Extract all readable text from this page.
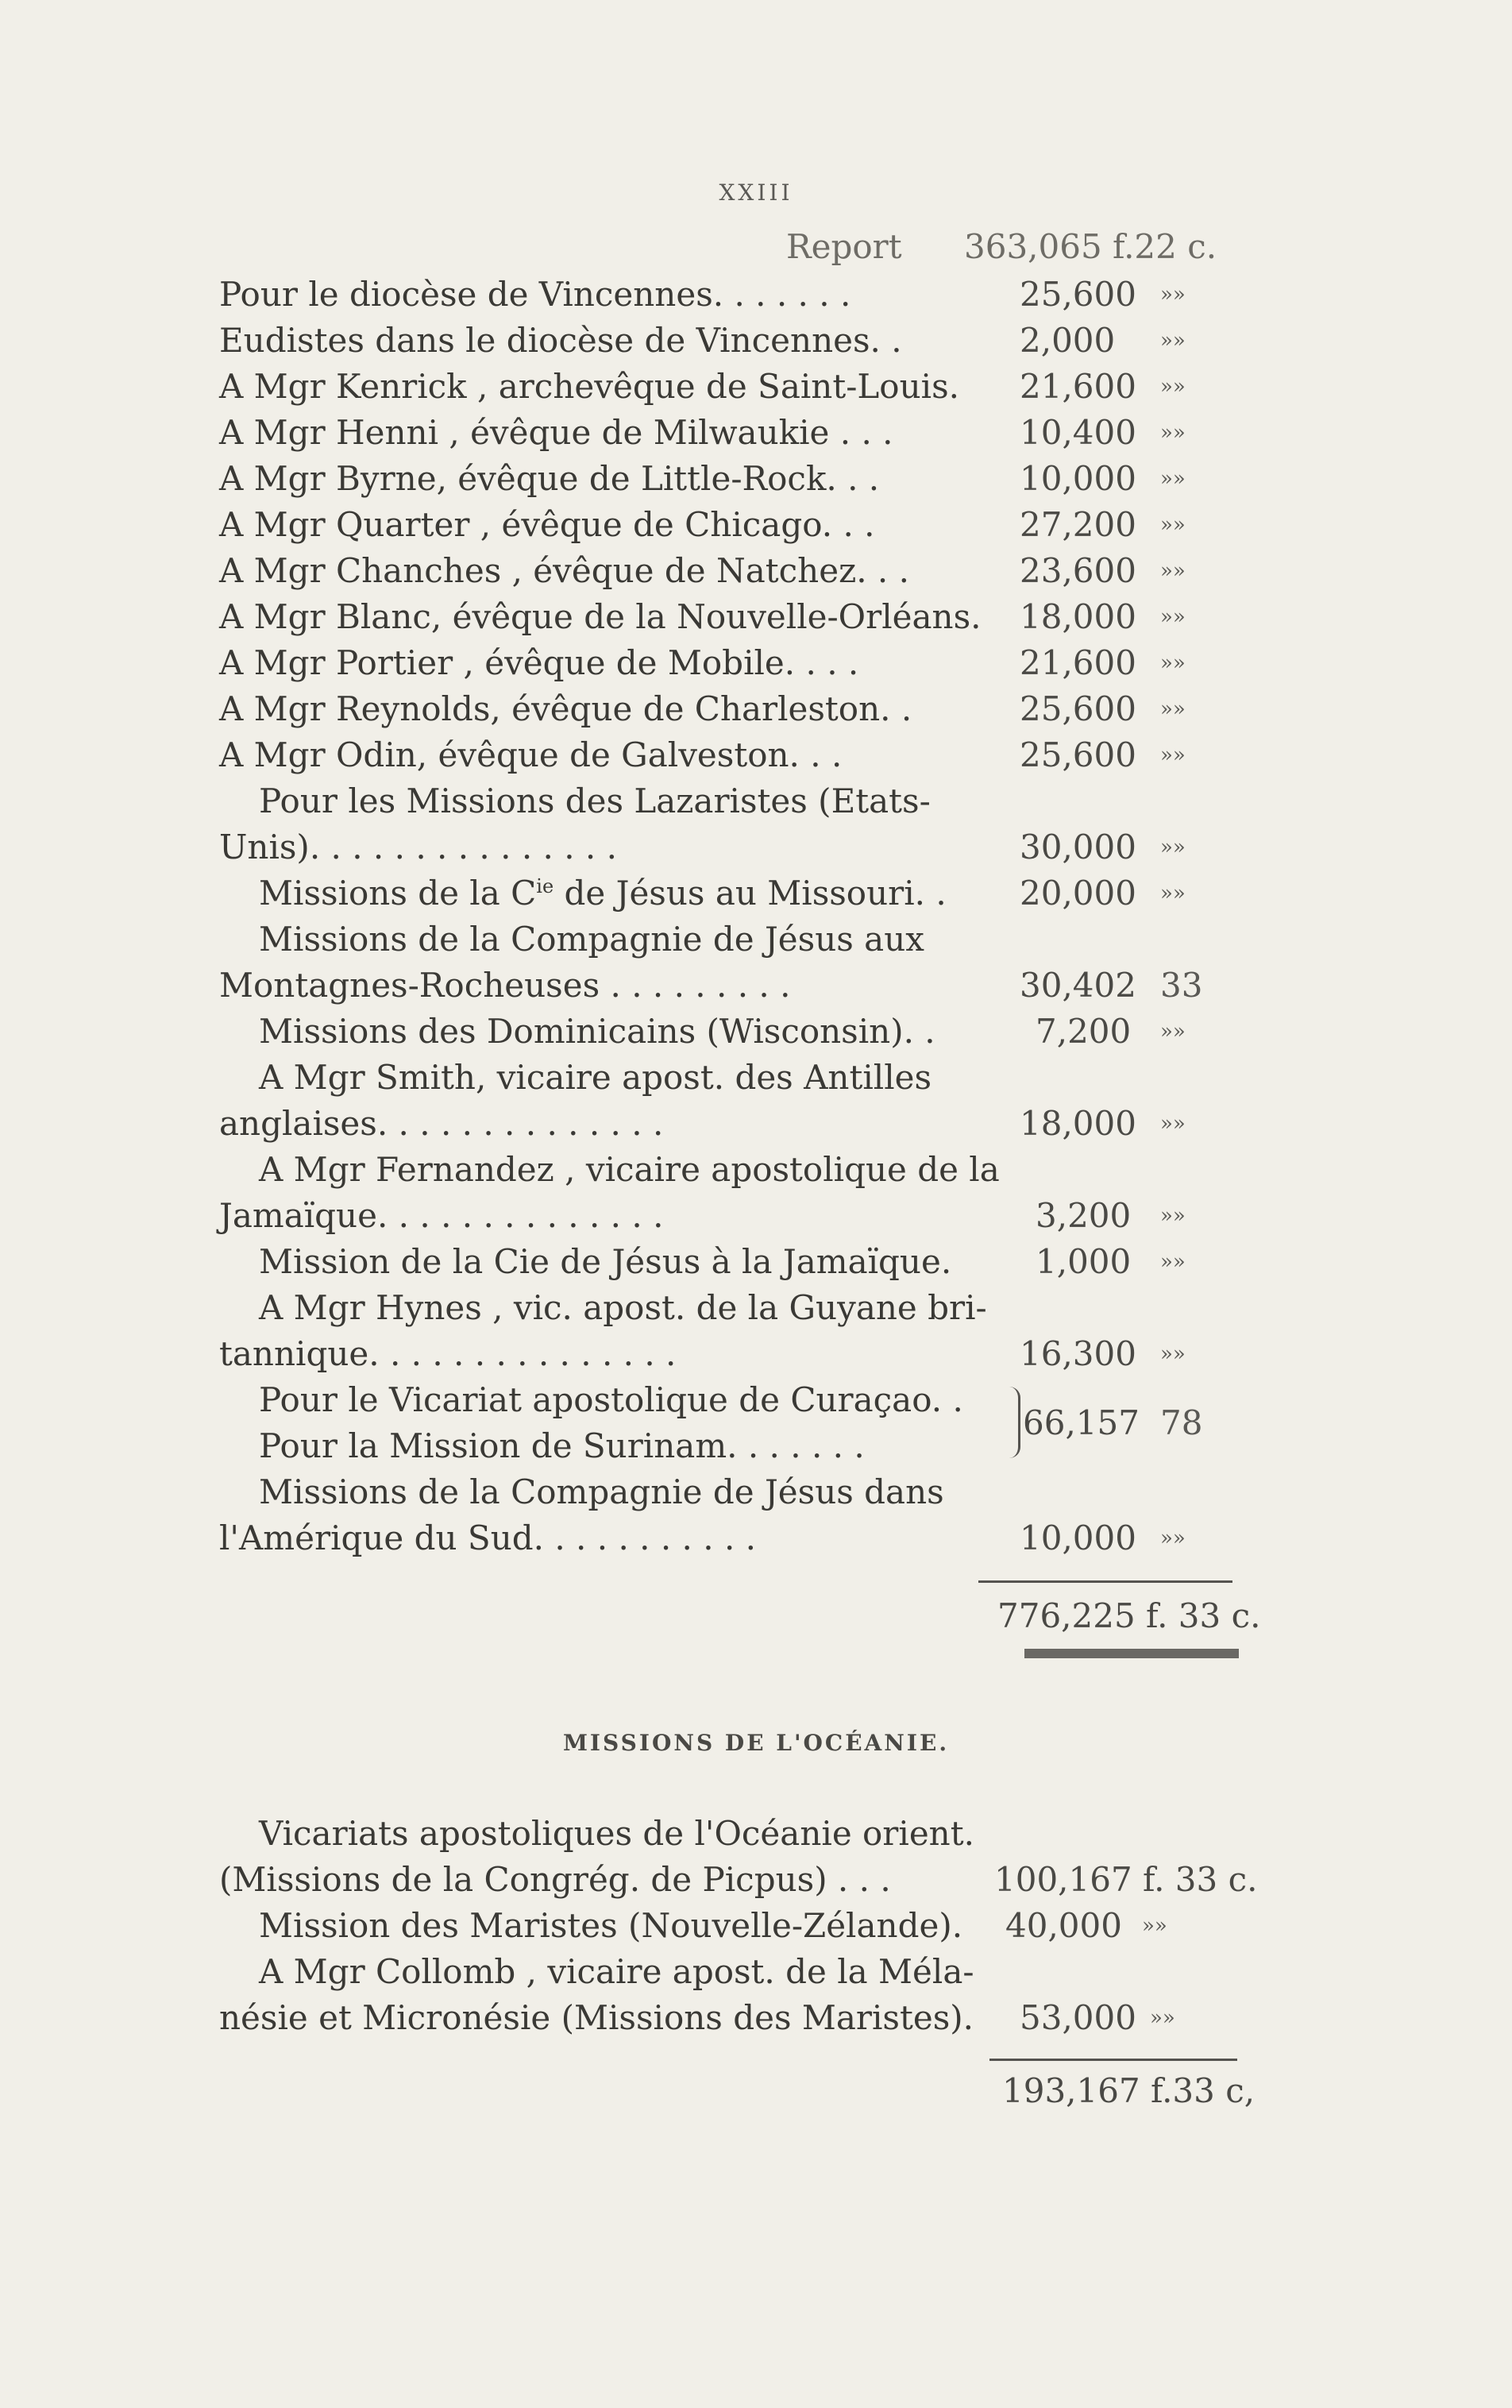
XXIII
Report 363,065 f.22 c.
Pour le diocèse de Vincennes. . . . . . .	25,600 »»
Eudistes dans le diocèse de Vincennes. .	2,000 »»
A Mgr Kenrick , archevêque de Saint-Louis. 21,600 »»
A Mgr Henni , évêque de Milwaukie . . .	10,400 »»
A Mgr Byrne, évêque de Little-Rock. . .	10,000 »»
A Mgr Quarter , évêque de Chicago. . .	27,200 »»
A Mgr Chanches , évêque de Natchez. . .	23,600 »»
A Mgr Blanc, évêque de la Nouvelle-Orléans. 18,000 »»
A Mgr Portier , évêque de Mobile. . . .	21,600 »»
A Mgr Reynolds, évêque de Charleston. .	25,600 »»
A Mgr Odin, évêque de Galveston. . .	25,600 »»
Pour les Missions des Lazaristes (Etats-
Unis). . . . . . . . . . . . . . .	30,000 »»
Missions de la $C^{ie}$ de Jésus au Missouri. . 20,000 »»
Missions de la Compagnie de Jésus aux
Montagnes-Rocheuses . . . . . . . . .	30,402 33
Missions des Dominicains (Wisconsin). .	7,200 »»
A Mgr Smith, vicaire apost. des Antilles
anglaises. . . . . . . . . . . . . .	18,000 »»
A Mgr Fernandez , vicaire apostolique de la
Jamaïque. . . . . . . . . . . . . .	3,200 »»
Mission de la Cie de Jésus à la Jamaïque.	1,000 »»
A Mgr Hynes , vic. apost. de la Guyane bri-
tannique. . . . . . . . . . . . . . .	16,300 »»
Pour le Vicariat apostolique de Curaçao. .
Pour la Mission de Surinam. . . . . . .
66,157 78
Missions de la Compagnie de Jésus dans
l'Amérique du Sud. . . . . . . . . . .	10,000 »»
776,225 f. 33 c.
MISSIONS DE L'OCÉANIE.
Vicariats apostoliques de l'Océanie orient.
(Missions de la Congrég. de Picpus) . . .	100,167 f. 33 c.
Mission des Maristes (Nouvelle-Zélande). 40,000 »»
A Mgr Collomb , vicaire apost. de la Méla-
nésie et Micronésie (Missions des Maristes). 53,000 »»
193,167 f.33 c,
